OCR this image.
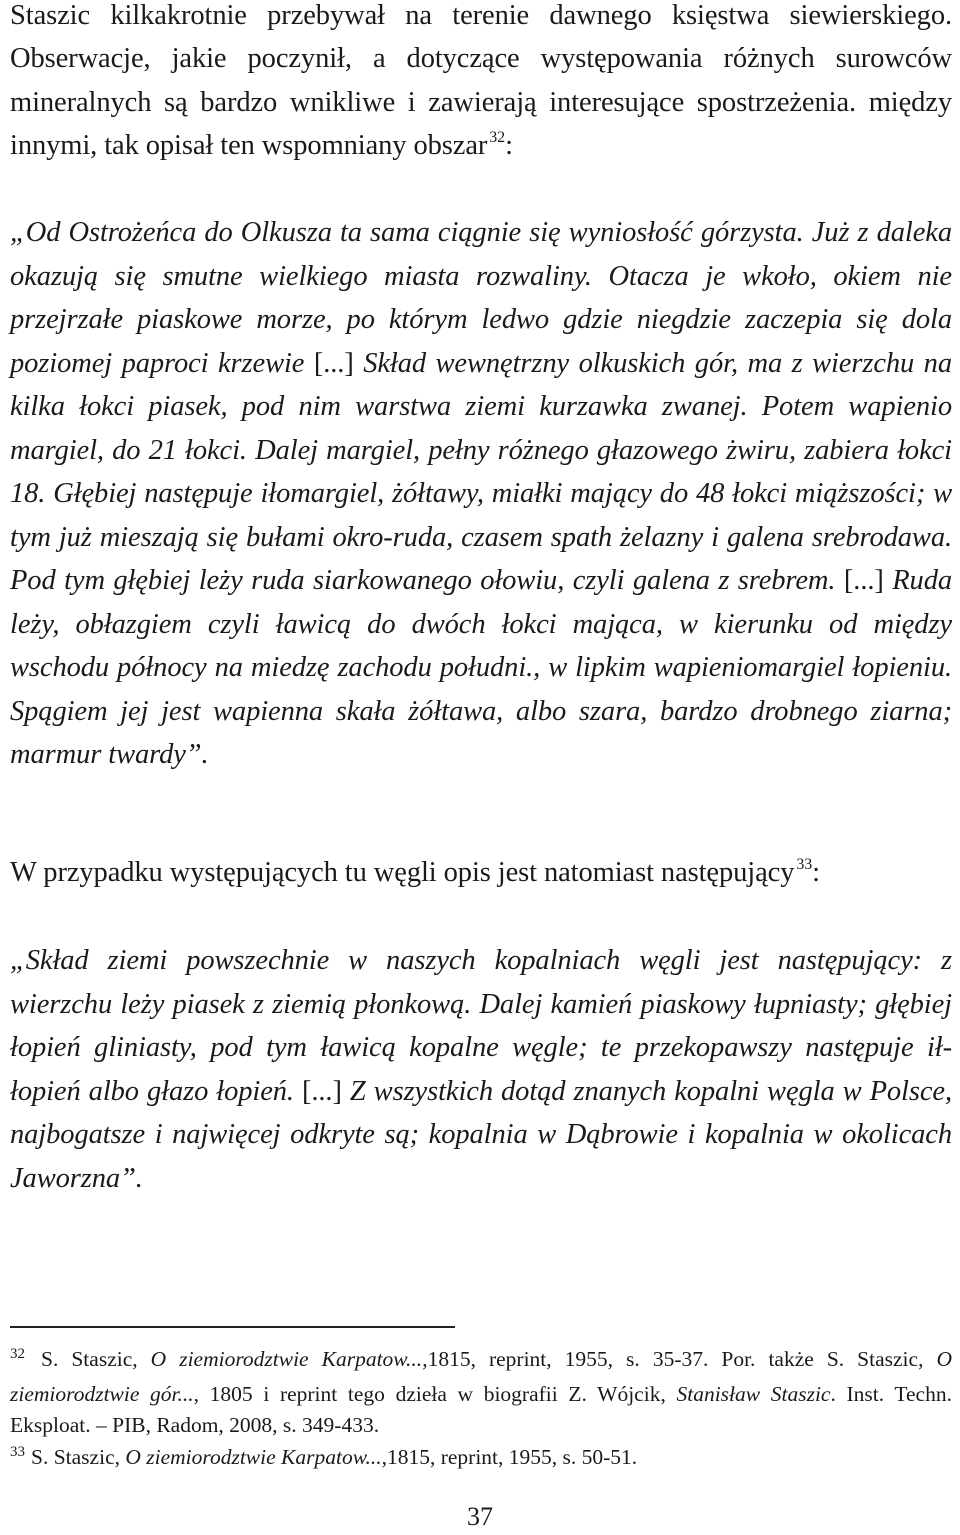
Staszic kilkakrotnie przebywał na terenie dawnego księstwa siewierskiego. Obserwacje, jakie poczynił, a dotyczące występowania różnych surowców mineralnych są bardzo wnikliwe i zawierają interesujące spostrzeżenia. między innymi, tak opisał ten wspomniany obszar $^{32}$:

„Od Ostrożeńca do Olkusza ta sama ciągnie się wyniosłość górzysta. Już z daleka okazują się smutne wielkiego miasta rozwaliny. Otacza je wkoło, okiem nie przejrzałe piaskowe morze, po którym ledwo gdzie niegdzie zaczepia się dola poziomej paproci krzewie [...] Skład wewnętrzny olkuskich gór, ma z wierzchu na kilka łokci piasek, pod nim warstwa ziemi kurzawka zwanej. Potem wapienio margiel, do 21 łokci. Dalej margiel, pełny różnego głazowego żwiru, zabiera łokci 18. Głębiej następuje iłomargiel, żółtawy, miałki mający do 48 łokci miąższości; w tym już mieszają się bułami okro-ruda, czasem spath żelazny i galena srebrodawa. Pod tym głębiej leży ruda siarkowanego ołowiu, czyli galena z srebrem. [...] Ruda leży, obłazgiem czyli ławicą do dwóch łokci mająca, w kierunku od między wschodu północy na miedzę zachodu południ., w lipkim wapieniomargiel łopieniu. Spągiem jej jest wapienna skała żółtawa, albo szara, bardzo drobnego ziarna; marmur twardy”.

W przypadku występujących tu węgli opis jest natomiast następujący $^{33}$:

„Skład ziemi powszechnie w naszych kopalniach węgli jest następujący: z wierzchu leży piasek z ziemią płonkową. Dalej kamień piaskowy łupniasty; głębiej łopień gliniasty, pod tym ławicą kopalne węgle; te przekopawszy następuje ił-łopień albo głazo łopień. [...] Z wszystkich dotąd znanych kopalni węgla w Polsce, najbogatsze i najwięcej odkryte są; kopalnia w Dąbrowie i kopalnia w okolicach Jaworzna”.

$^{32}$ S. Staszic, O ziemiorodztwie Karpatow...,1815, reprint, 1955, s. 35-37. Por. także S. Staszic, O ziemiorodztwie gór..., 1805 i reprint tego dzieła w biografii Z. Wójcik, Stanisław Staszic. Inst. Techn. Eksploat. – PIB, Radom, 2008, s. 349-433.

$^{33}$ S. Staszic, O ziemiorodztwie Karpatow...,1815, reprint, 1955, s. 50-51.

37
